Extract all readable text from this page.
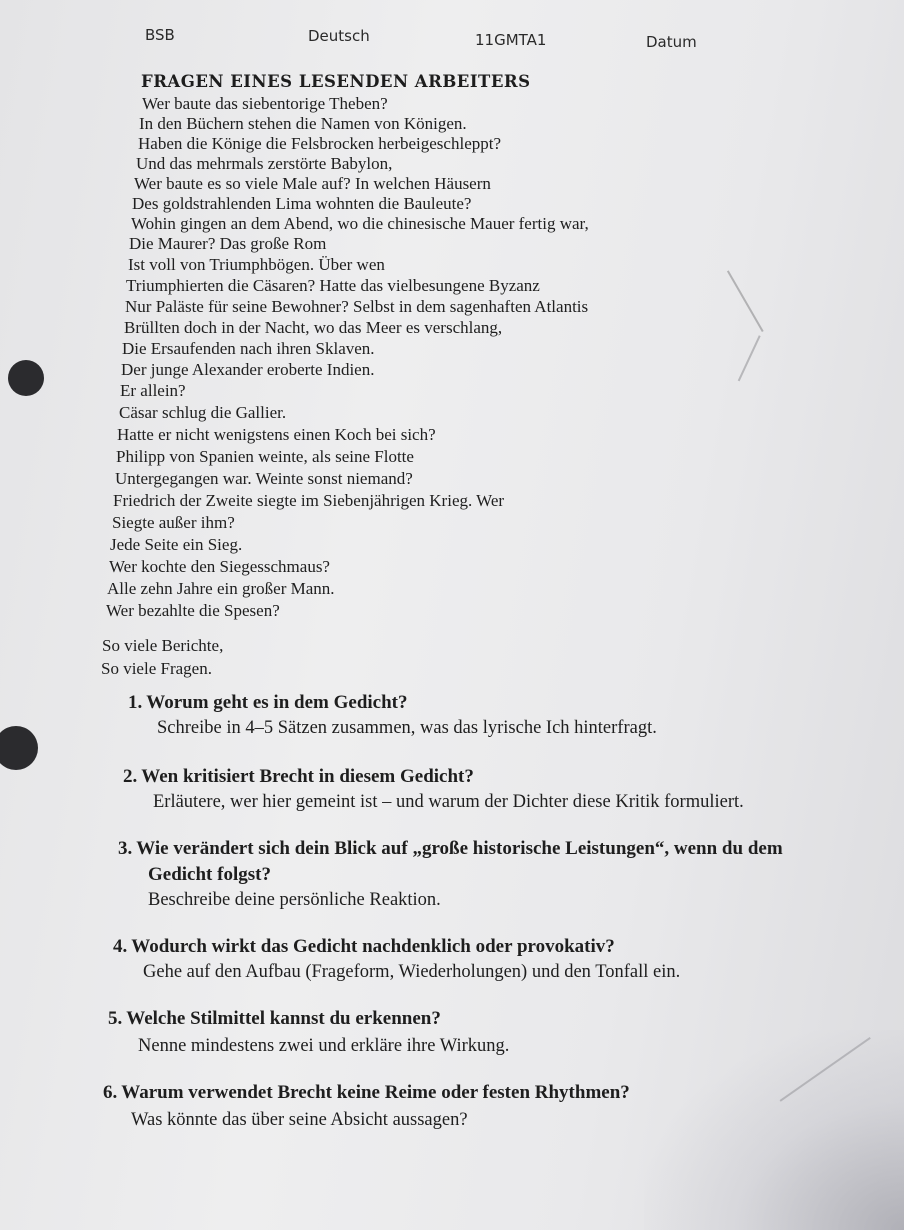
BSB	Deutsch	11GMTA1	Datum
FRAGEN EINES LESENDEN ARBEITERS
Wer baute das siebentorige Theben?
In den Büchern stehen die Namen von Königen.
Haben die Könige die Felsbrocken herbeigeschleppt?
Und das mehrmals zerstörte Babylon,
Wer baute es so viele Male auf? In welchen Häusern
Des goldstrahlenden Lima wohnten die Bauleute?
Wohin gingen an dem Abend, wo die chinesische Mauer fertig war,
Die Maurer? Das große Rom
Ist voll von Triumphbögen. Über wen
Triumphierten die Cäsaren? Hatte das vielbesungene Byzanz
Nur Paläste für seine Bewohner? Selbst in dem sagenhaften Atlantis
Brüllten doch in der Nacht, wo das Meer es verschlang,
Die Ersaufenden nach ihren Sklaven.
Der junge Alexander eroberte Indien.
Er allein?
Cäsar schlug die Gallier.
Hatte er nicht wenigstens einen Koch bei sich?
Philipp von Spanien weinte, als seine Flotte
Untergegangen war. Weinte sonst niemand?
Friedrich der Zweite siegte im Siebenjährigen Krieg. Wer
Siegte außer ihm?
Jede Seite ein Sieg.
Wer kochte den Siegesschmaus?
Alle zehn Jahre ein großer Mann.
Wer bezahlte die Spesen?
So viele Berichte,
So viele Fragen.
1. Worum geht es in dem Gedicht?
Schreibe in 4–5 Sätzen zusammen, was das lyrische Ich hinterfragt.
2. Wen kritisiert Brecht in diesem Gedicht?
Erläutere, wer hier gemeint ist – und warum der Dichter diese Kritik formuliert.
3. Wie verändert sich dein Blick auf „große historische Leistungen“, wenn du dem
Gedicht folgst?
Beschreibe deine persönliche Reaktion.
4. Wodurch wirkt das Gedicht nachdenklich oder provokativ?
Gehe auf den Aufbau (Frageform, Wiederholungen) und den Tonfall ein.
5. Welche Stilmittel kannst du erkennen?
Nenne mindestens zwei und erkläre ihre Wirkung.
6. Warum verwendet Brecht keine Reime oder festen Rhythmen?
Was könnte das über seine Absicht aussagen?
